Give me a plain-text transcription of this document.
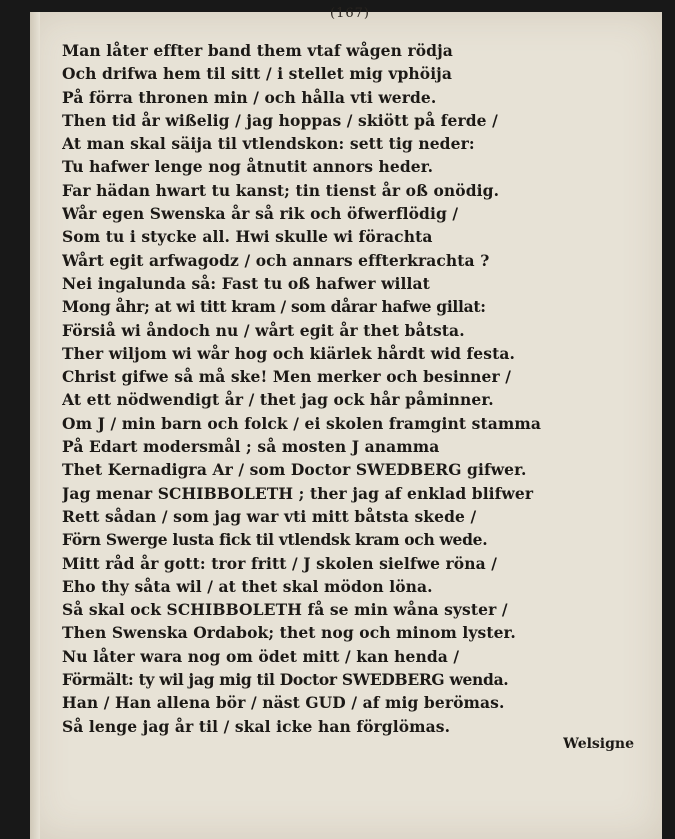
(167)
Man låter effter band them vtaf wågen rödja
Och drifwa hem til sitt / i stellet mig vphöija
På förra thronen min / och hålla vti werde.
Then tid år wißelig / jag hoppas / skiött på ferde /
At man skal säija til vtlendskon: sett tig neder:
Tu hafwer lenge nog åtnutit annors heder.
Far hädan hwart tu kanst; tin tienst år oß onödig.
Wår egen Swenska år så rik och öfwerflödig /
Som tu i stycke all. Hwi skulle wi förachta
Wårt egit arfwagodz / och annars effterkrachta ?
Nei ingalunda så: Fast tu oß hafwer willat
Mong åhr; at wi titt kram / som dårar hafwe gillat:
Försiå wi åndoch nu / wårt egit år thet båtsta.
Ther wiljom wi wår hog och kiärlek hårdt wid festa.
Christ gifwe så må ske! Men merker och besinner /
At ett nödwendigt år / thet jag ock hår påminner.
Om J / min barn och folck / ei skolen framgint stamma
På Edart modersmål ; så mosten J anamma
Thet Kernadigra Ar / som Doctor SWEDBERG gifwer.
Jag menar SCHIBBOLETH ; ther jag af enklad blifwer
Rett sådan / som jag war vti mitt båtsta skede /
Förn Swerge lusta fick til vtlendsk kram och wede.
Mitt råd år gott: tror fritt / J skolen sielfwe röna /
Eho thy såta wil / at thet skal mödon löna.
Så skal ock SCHIBBOLETH få se min wåna syster /
Then Swenska Ordabok; thet nog och minom lyster.
Nu låter wara nog om ödet mitt / kan henda /
Förmält: ty wil jag mig til Doctor SWEDBERG wenda.
Han / Han allena bör / näst GUD / af mig berömas.
Så lenge jag år til / skal icke han förglömas.
Welsigne
